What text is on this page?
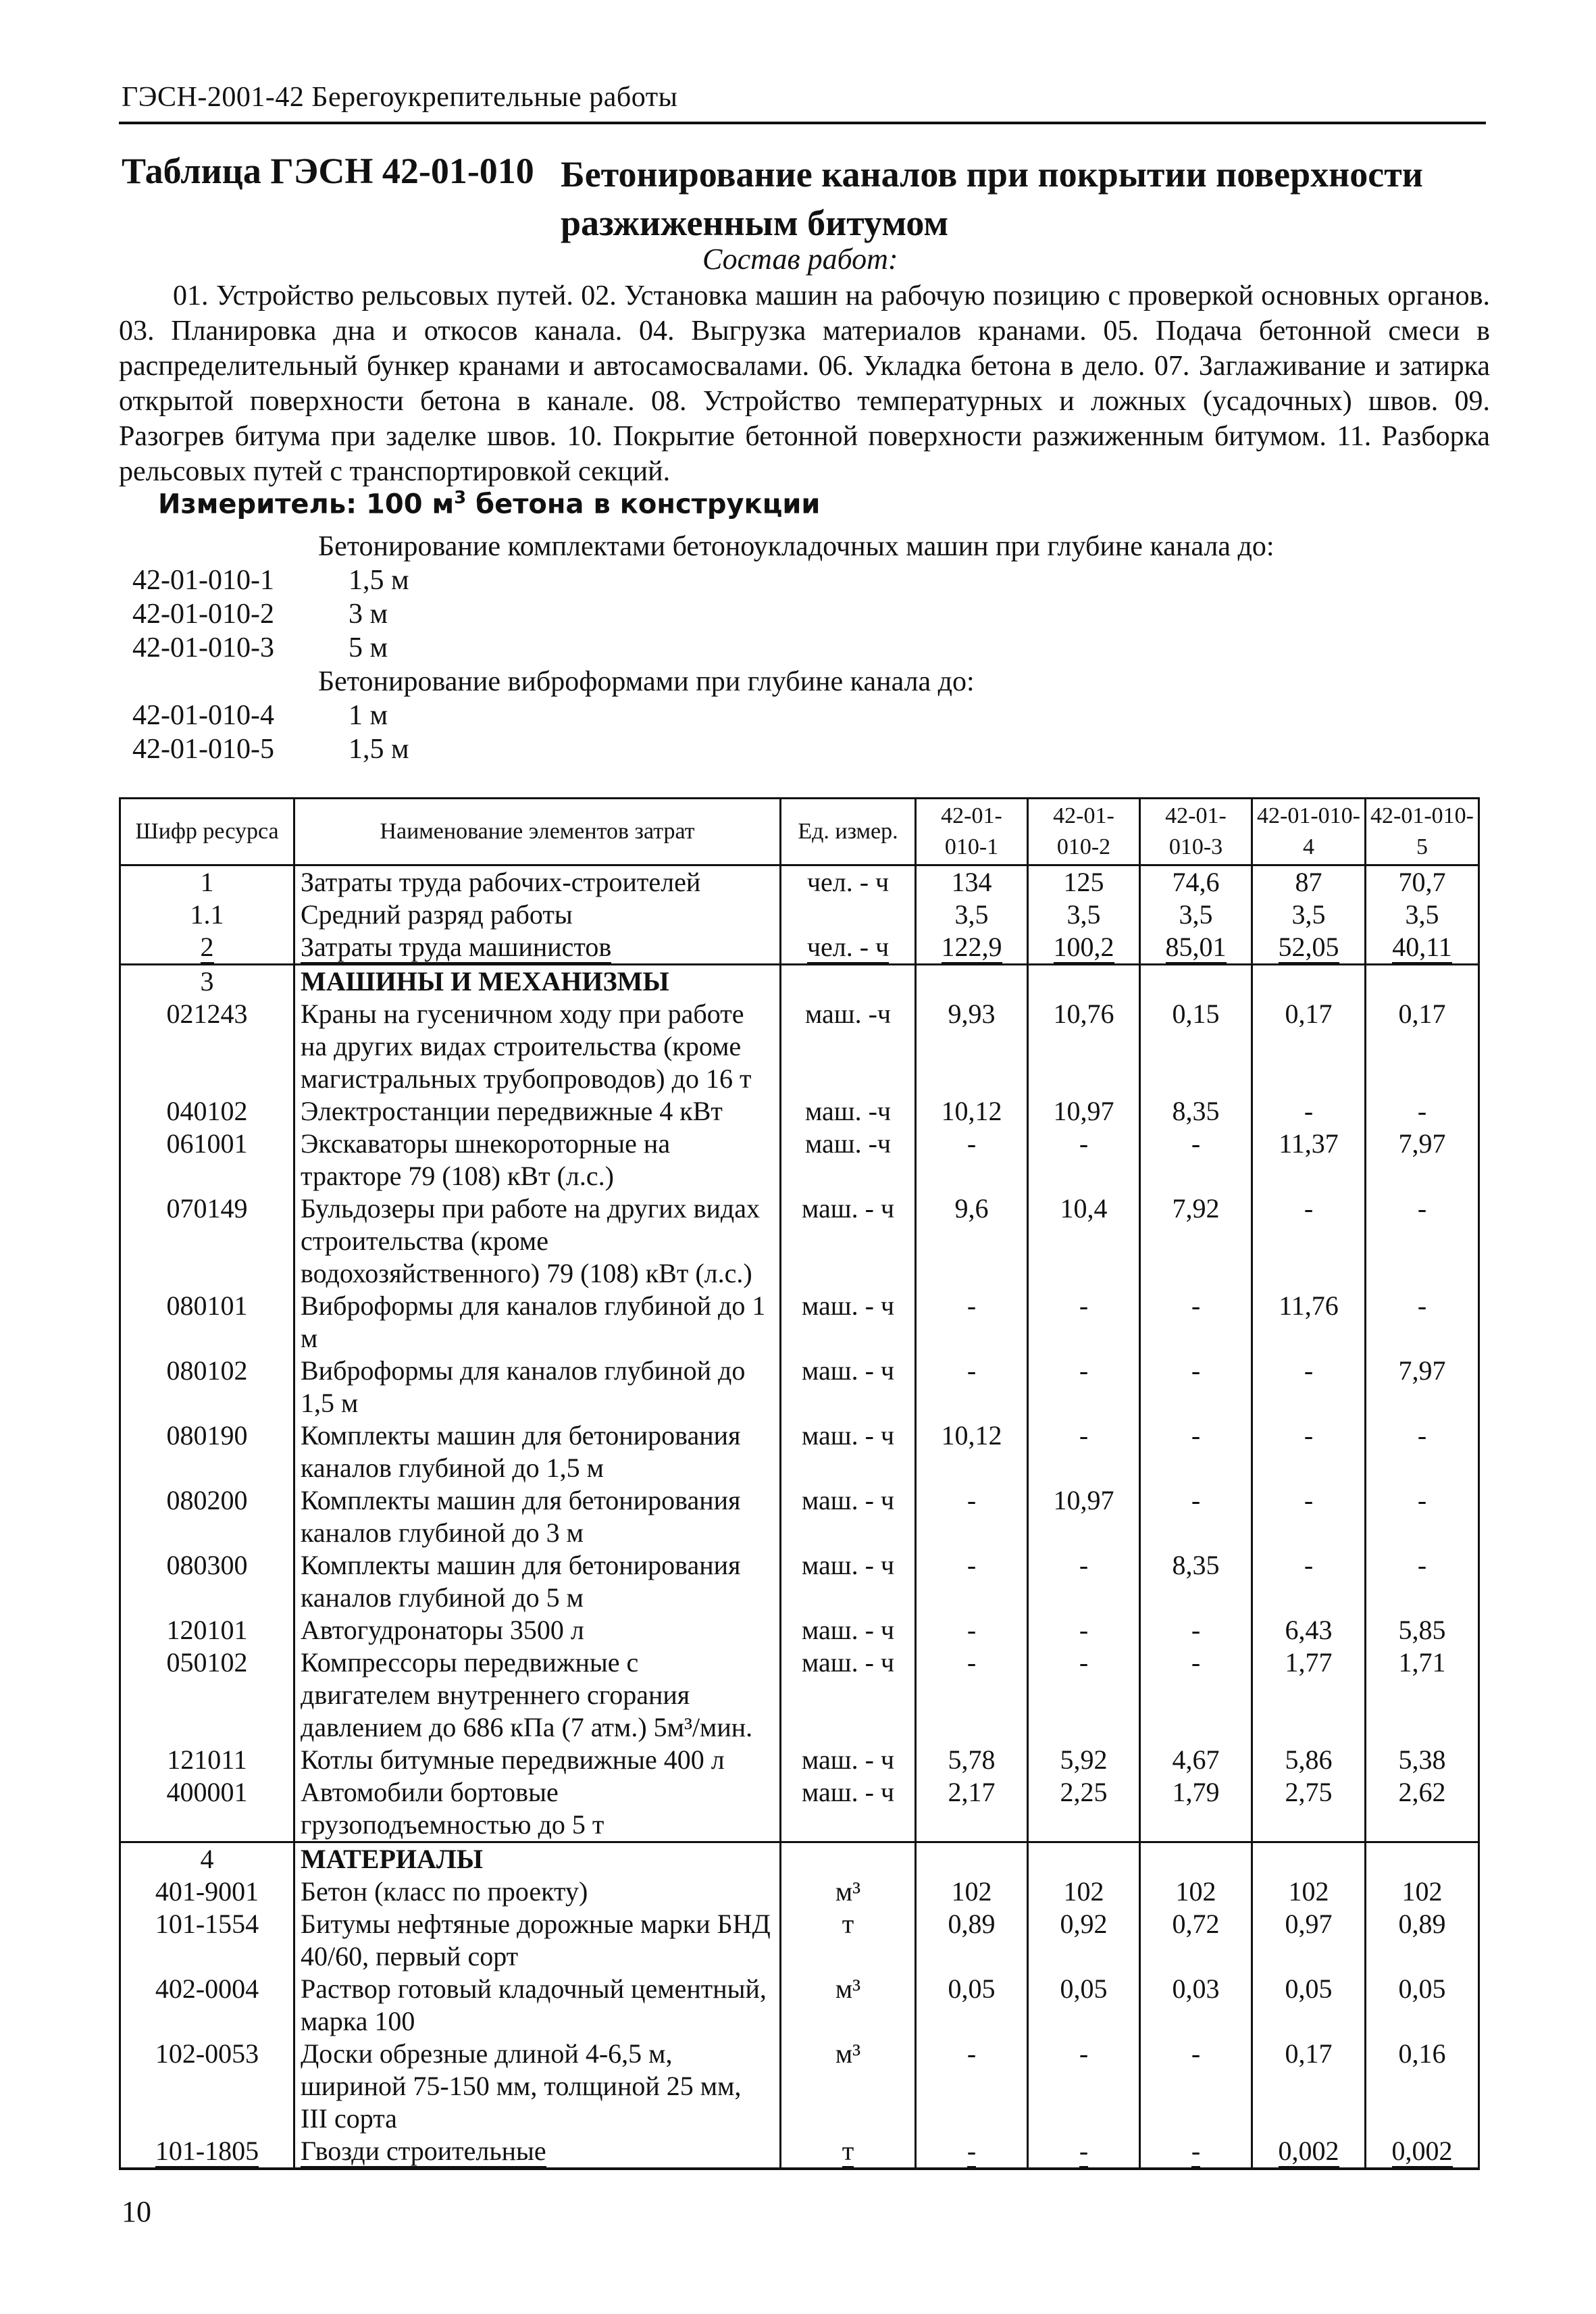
ГЭСН-2001-42 Берегоукрепительные работы
Таблица ГЭСН 42-01-010 Бетонирование каналов при покрытии поверхности разжиженным битумом
Состав работ:
01. Устройство рельсовых путей. 02. Установка машин на рабочую позицию с проверкой основных органов. 03. Планировка дна и откосов канала. 04. Выгрузка материалов кранами. 05. Подача бетонной смеси в распределительный бункер кранами и автосамосвалами. 06. Укладка бетона в дело. 07. Заглаживание и затирка открытой поверхности бетона в канале. 08. Устройство температурных и ложных (усадочных) швов. 09. Разогрев битума при заделке швов. 10. Покрытие бетонной поверхности разжиженным битумом. 11. Разборка рельсовых путей с транспортировкой секций.
Измеритель: 100 $м^3$ бетона в конструкции
Бетонирование комплектами бетоноукладочных машин при глубине канала до:
42-01-010-1	1,5 м
42-01-010-2	3 м
42-01-010-3	5 м
Бетонирование виброформами при глубине канала до:
42-01-010-4	1 м
42-01-010-5	1,5 м
Шифр ресурса	Наименование элементов затрат	Ед. измер.	42-01-010-1	42-01-010-2	42-01-010-3	42-01-010-4	42-01-010-5
1	Затраты труда рабочих-строителей	чел. - ч	134	125	74,6	87	70,7
1.1	Средний разряд работы		3,5	3,5	3,5	3,5	3,5
2	Затраты труда машинистов	чел. - ч	122,9	100,2	85,01	52,05	40,11
3	МАШИНЫ И МЕХАНИЗМЫ						
021243	Краны на гусеничном ходу при работе на других видах строительства (кроме магистральных трубопроводов) до 16 т	маш. -ч	9,93	10,76	0,15	0,17	0,17
040102	Электростанции передвижные 4 кВт	маш. -ч	10,12	10,97	8,35	-	-
061001	Экскаваторы шнекороторные на тракторе 79 (108) кВт (л.с.)	маш. -ч	-	-	-	11,37	7,97
070149	Бульдозеры при работе на других видах строительства (кроме водохозяйственного) 79 (108) кВт (л.с.)	маш. - ч	9,6	10,4	7,92	-	-
080101	Виброформы для каналов глубиной до 1 м	маш. - ч	-	-	-	11,76	-
080102	Виброформы для каналов глубиной до 1,5 м	маш. - ч	-	-	-	-	7,97
080190	Комплекты машин для бетонирования каналов глубиной до 1,5 м	маш. - ч	10,12	-	-	-	-
080200	Комплекты машин для бетонирования каналов глубиной до 3 м	маш. - ч	-	10,97	-	-	-
080300	Комплекты машин для бетонирования каналов глубиной до 5 м	маш. - ч	-	-	8,35	-	-
120101	Автогудронаторы 3500 л	маш. - ч	-	-	-	6,43	5,85
050102	Компрессоры передвижные с двигателем внутреннего сгорания давлением до 686 кПа (7 атм.) 5м³/мин.	маш. - ч	-	-	-	1,77	1,71
121011	Котлы битумные передвижные 400 л	маш. - ч	5,78	5,92	4,67	5,86	5,38
400001	Автомобили бортовые грузоподъемностью до 5 т	маш. - ч	2,17	2,25	1,79	2,75	2,62
4	МАТЕРИАЛЫ						
401-9001	Бетон (класс по проекту)	м³	102	102	102	102	102
101-1554	Битумы нефтяные дорожные марки БНД 40/60, первый сорт	т	0,89	0,92	0,72	0,97	0,89
402-0004	Раствор готовый кладочный цементный, марка 100	м³	0,05	0,05	0,03	0,05	0,05
102-0053	Доски обрезные длиной 4-6,5 м, шириной 75-150 мм, толщиной 25 мм, III сорта	м³	-	-	-	0,17	0,16
101-1805	Гвозди строительные	т	-	-	-	0,002	0,002
10
